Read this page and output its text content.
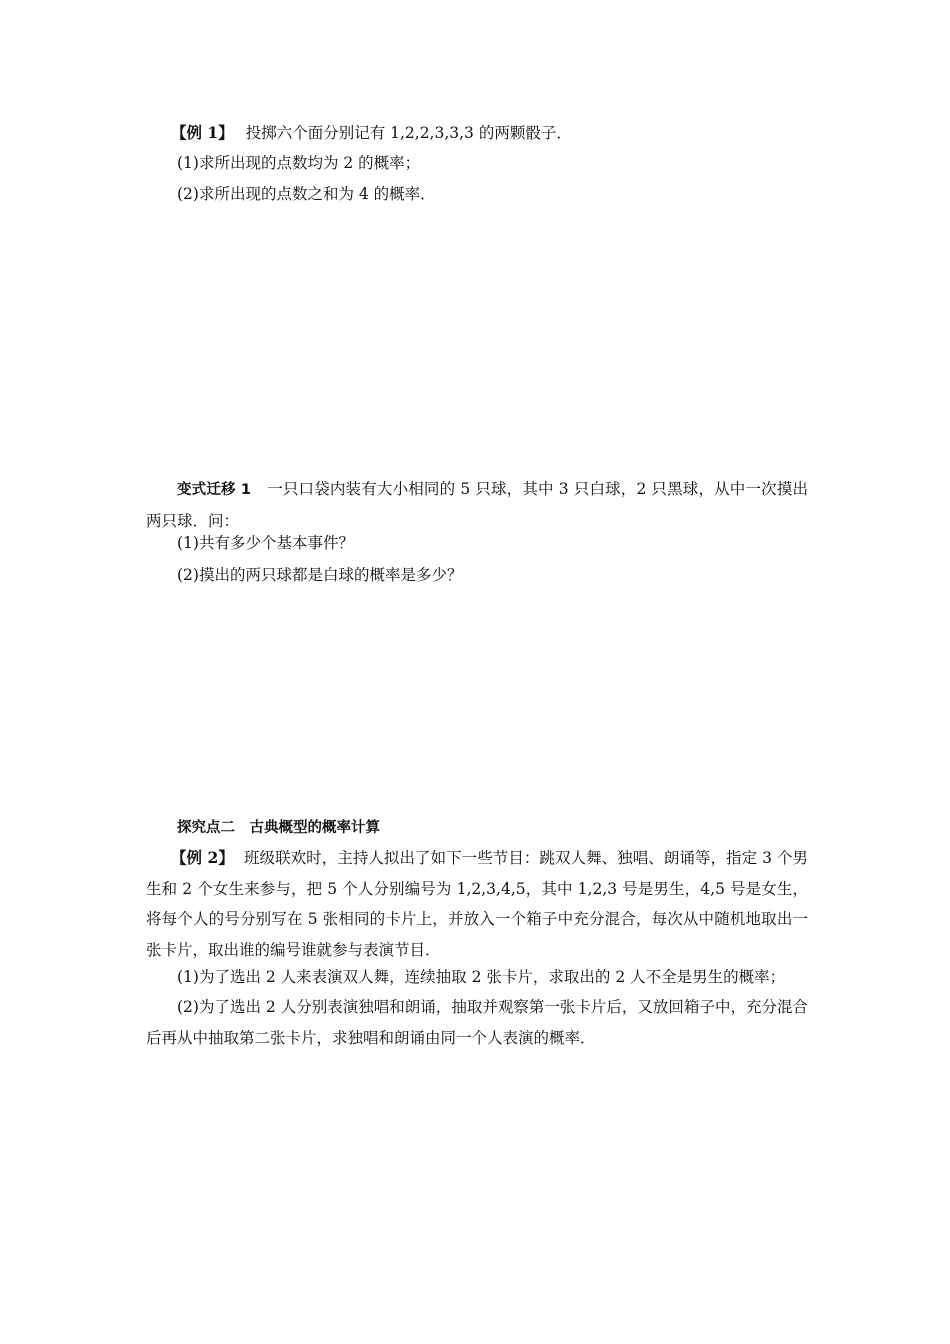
【例 1】 投掷六个面分别记有 1,2,2,3,3,3 的两颗骰子．
(1)求所出现的点数均为 2 的概率；
(2)求所出现的点数之和为 4 的概率．
变式迁移 1 一只口袋内装有大小相同的 5 只球，其中 3 只白球，2 只黑球，从中一次摸出两只球．问：
(1)共有多少个基本事件？
(2)摸出的两只球都是白球的概率是多少？
探究点二　古典概型的概率计算
【例 2】 班级联欢时，主持人拟出了如下一些节目：跳双人舞、独唱、朗诵等，指定 3 个男生和 2 个女生来参与，把 5 个人分别编号为 1,2,3,4,5，其中 1,2,3 号是男生，4,5 号是女生，将每个人的号分别写在 5 张相同的卡片上，并放入一个箱子中充分混合，每次从中随机地取出一张卡片，取出谁的编号谁就参与表演节目．
(1)为了选出 2 人来表演双人舞，连续抽取 2 张卡片，求取出的 2 人不全是男生的概率；
(2)为了选出 2 人分别表演独唱和朗诵，抽取并观察第一张卡片后，又放回箱子中，充分混合后再从中抽取第二张卡片，求独唱和朗诵由同一个人表演的概率．
